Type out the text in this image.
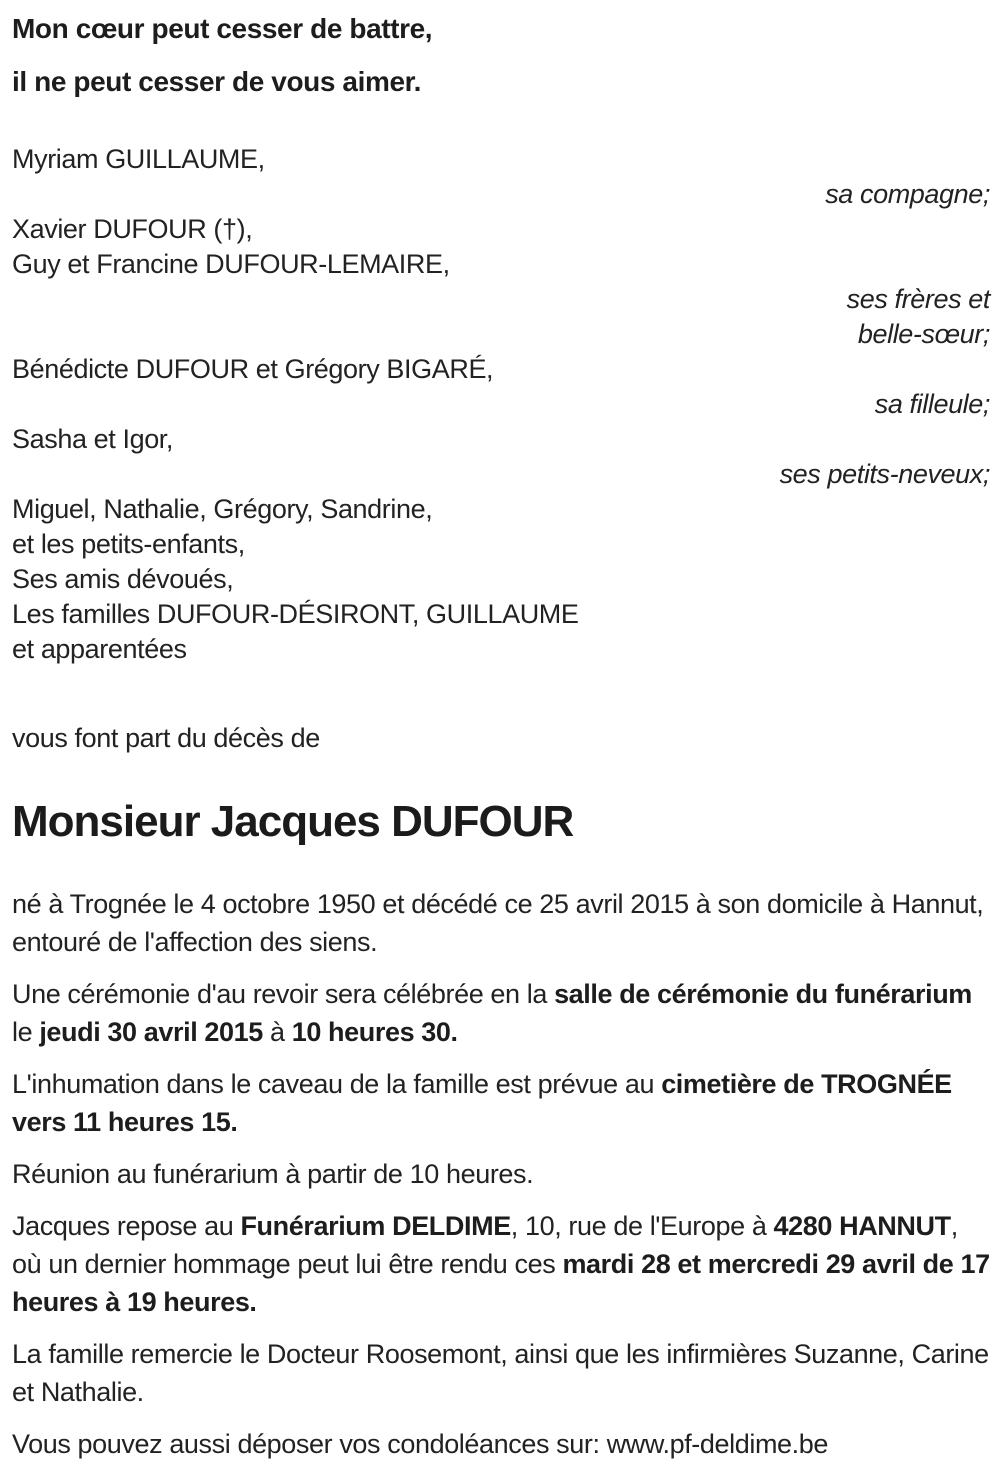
Mon cœur peut cesser de battre,

il ne peut cesser de vous aimer.

Myriam GUILLAUME,
sa compagne;
Xavier DUFOUR (†),
Guy et Francine DUFOUR-LEMAIRE,
ses frères et
belle-sœur;
Bénédicte DUFOUR et Grégory BIGARÉ,
sa filleule;
Sasha et Igor,
ses petits-neveux;
Miguel, Nathalie, Grégory, Sandrine,
et les petits-enfants,
Ses amis dévoués,
Les familles DUFOUR-DÉSIRONT, GUILLAUME
et apparentées

vous font part du décès de

Monsieur Jacques DUFOUR

né à Trognée le 4 octobre 1950 et décédé ce 25 avril 2015 à son domicile à Hannut, entouré de l'affection des siens.

Une cérémonie d'au revoir sera célébrée en la salle de cérémonie du funérarium le jeudi 30 avril 2015 à 10 heures 30.

L'inhumation dans le caveau de la famille est prévue au cimetière de TROGNÉE vers 11 heures 15.

Réunion au funérarium à partir de 10 heures.

Jacques repose au Funérarium DELDIME, 10, rue de l'Europe à 4280 HANNUT, où un dernier hommage peut lui être rendu ces mardi 28 et mercredi 29 avril de 17 heures à 19 heures.

La famille remercie le Docteur Roosemont, ainsi que les infirmières Suzanne, Carine et Nathalie.

Vous pouvez aussi déposer vos condoléances sur: www.pf-deldime.be
